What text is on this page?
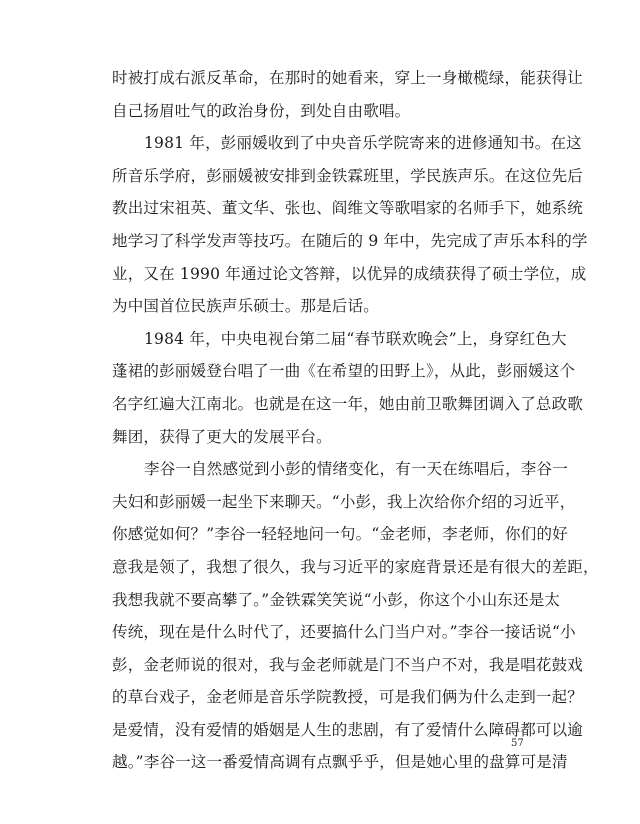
时被打成右派反革命，在那时的她看来，穿上一身橄榄绿，能获得让
自己扬眉吐气的政治身份，到处自由歌唱。
1981 年，彭丽媛收到了中央音乐学院寄来的进修通知书。在这
所音乐学府，彭丽媛被安排到金铁霖班里，学民族声乐。在这位先后
教出过宋祖英、董文华、张也、阎维文等歌唱家的名师手下，她系统
地学习了科学发声等技巧。在随后的 9 年中，先完成了声乐本科的学
业，又在 1990 年通过论文答辩，以优异的成绩获得了硕士学位，成
为中国首位民族声乐硕士。那是后话。
1984 年，中央电视台第二届“春节联欢晚会”上，身穿红色大
蓬裙的彭丽媛登台唱了一曲《在希望的田野上》，从此，彭丽媛这个
名字红遍大江南北。也就是在这一年，她由前卫歌舞团调入了总政歌
舞团，获得了更大的发展平台。
李谷一自然感觉到小彭的情绪变化，有一天在练唱后，李谷一
夫妇和彭丽媛一起坐下来聊天。“小彭，我上次给你介绍的习近平，
你感觉如何？”李谷一轻轻地问一句。“金老师，李老师，你们的好
意我是领了，我想了很久，我与习近平的家庭背景还是有很大的差距，
我想我就不要高攀了。”金铁霖笑笑说“小彭，你这个小山东还是太
传统，现在是什么时代了，还要搞什么门当户对。”李谷一接话说“小
彭，金老师说的很对，我与金老师就是门不当户不对，我是唱花鼓戏
的草台戏子，金老师是音乐学院教授，可是我们俩为什么走到一起？
是爱情，没有爱情的婚姻是人生的悲剧，有了爱情什么障碍都可以逾
越。”李谷一这一番爱情高调有点飘乎乎，但是她心里的盘算可是清
57
